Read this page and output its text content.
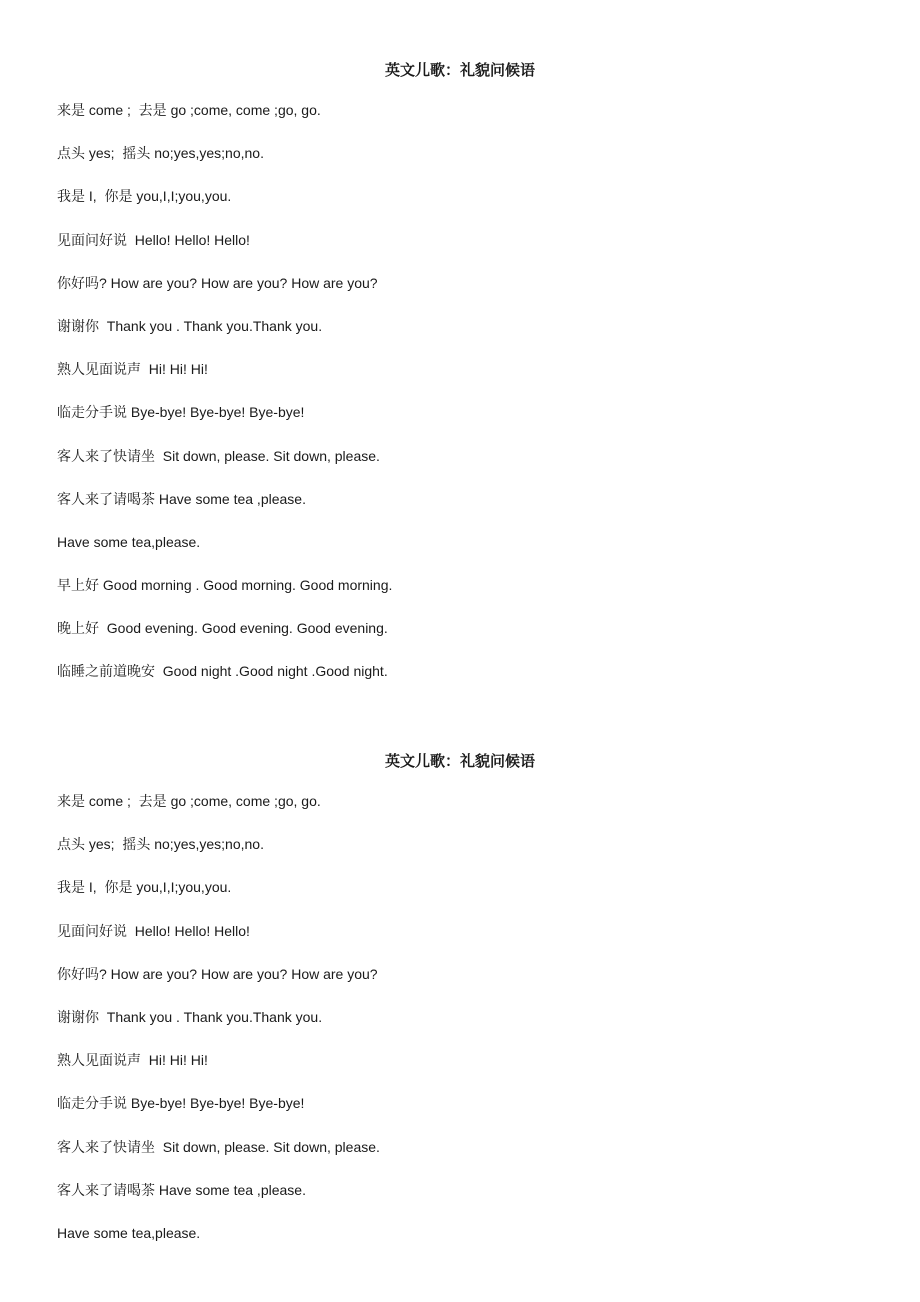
英文儿歌：礼貌问候语
来是 come ;  去是 go ;come, come ;go, go.
点头 yes;  摇头 no;yes,yes;no,no.
我是 I,  你是 you,I,I;you,you.
见面问好说  Hello! Hello! Hello!
你好吗? How are you? How are you? How are you?
谢谢你  Thank you . Thank you.Thank you.
熟人见面说声  Hi! Hi! Hi!
临走分手说 Bye-bye! Bye-bye! Bye-bye!
客人来了快请坐  Sit down, please. Sit down, please.
客人来了请喝茶 Have some tea ,please.
Have some tea,please.
早上好 Good morning . Good morning. Good morning.
晚上好  Good evening. Good evening. Good evening.
临睡之前道晚安  Good night .Good night .Good night.
英文儿歌：礼貌问候语
来是 come ;  去是 go ;come, come ;go, go.
点头 yes;  摇头 no;yes,yes;no,no.
我是 I,  你是 you,I,I;you,you.
见面问好说  Hello! Hello! Hello!
你好吗? How are you? How are you? How are you?
谢谢你  Thank you . Thank you.Thank you.
熟人见面说声  Hi! Hi! Hi!
临走分手说 Bye-bye! Bye-bye! Bye-bye!
客人来了快请坐  Sit down, please. Sit down, please.
客人来了请喝茶 Have some tea ,please.
Have some tea,please.
